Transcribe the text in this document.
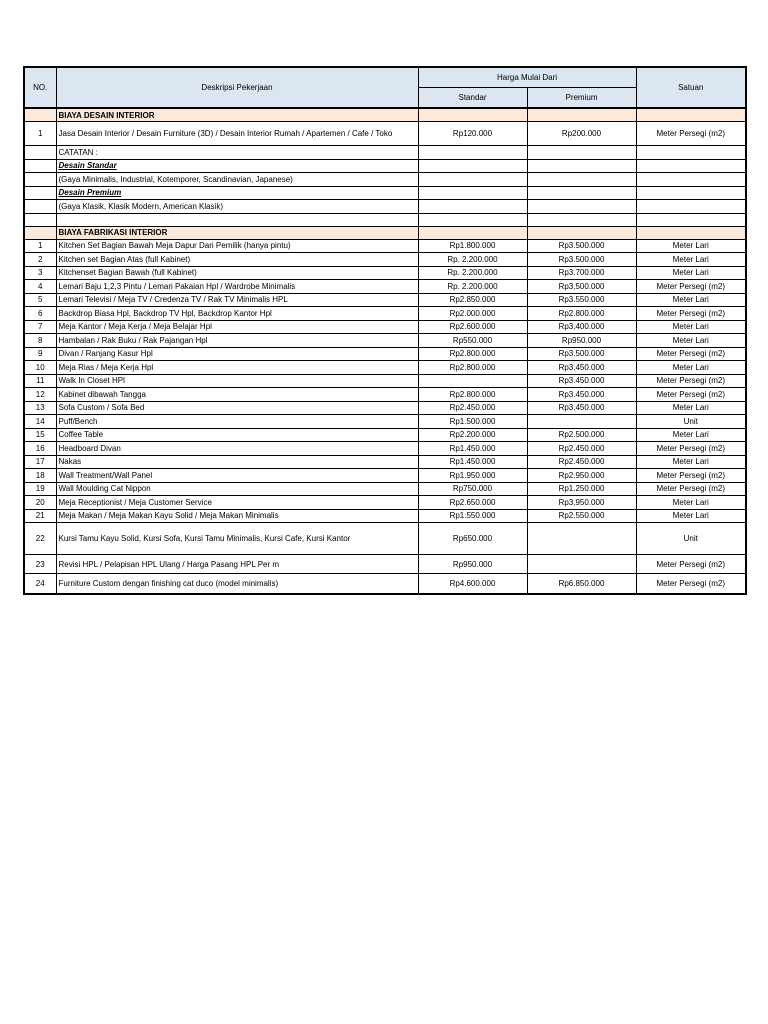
NO.	Deskripsi Pekerjaan	Harga Mulai Dari		Satuan
		Standar	Premium	
	BIAYA DESAIN INTERIOR			
1	Jasa Desain Interior / Desain Furniture (3D) / Desain Interior Rumah / Apartemen / Cafe / Toko	Rp120.000	Rp200.000	Meter Persegi (m2)
	CATATAN :			
	Desain Standar			
	(Gaya Minimalis, Industrial, Kotemporer, Scandinavian, Japanese)			
	Desain Premium			
	(Gaya Klasik, Klasik Modern, American Klasik)			

	BIAYA FABRIKASI INTERIOR			
1	Kitchen Set Bagian Bawah Meja Dapur Dari Pemilik (hanya pintu)	Rp1.800.000	Rp3.500.000	Meter Lari
2	Kitchen set Bagian Atas (full Kabinet)	Rp. 2.200.000	Rp3.500.000	Meter Lari
3	Kitchenset Bagian Bawah (full Kabinet)	Rp. 2.200.000	Rp3.700.000	Meter Lari
4	Lemari Baju 1,2,3 Pintu / Lemari Pakaian Hpl / Wardrobe Minimalis	Rp. 2.200.000	Rp3.500.000	Meter Persegi (m2)
5	Lemari Televisi / Meja TV / Credenza TV / Rak TV Minimalis HPL	Rp2.850.000	Rp3.550.000	Meter Lari
6	Backdrop Biasa Hpl, Backdrop TV Hpl, Backdrop Kantor Hpl	Rp2.000.000	Rp2.800.000	Meter Persegi (m2)
7	Meja Kantor / Meja Kerja / Meja Belajar Hpl	Rp2.600.000	Rp3.400.000	Meter Lari
8	Hambalan / Rak Buku / Rak Pajangan Hpl	Rp550.000	Rp950.000	Meter Lari
9	Divan / Ranjang Kasur Hpl	Rp2.800.000	Rp3.500.000	Meter Persegi (m2)
10	Meja Rias / Meja Kerja Hpl	Rp2.800.000	Rp3.450.000	Meter Lari
11	Walk In Closet HPl		Rp3.450.000	Meter Persegi (m2)
12	Kabinet dibawah Tangga	Rp2.800.000	Rp3.450.000	Meter Persegi (m2)
13	Sofa Custom / Sofa Bed	Rp2.450.000	Rp3.450.000	Meter Lari
14	Puff/Bench	Rp1.500.000		Unit
15	Coffee Table	Rp2.200.000	Rp2.500.000	Meter Lari
16	Headboard Divan	Rp1.450.000	Rp2.450.000	Meter Persegi (m2)
17	Nakas	Rp1.450.000	Rp2.450.000	Meter Lari
18	Wall Treatment/Wall Panel	Rp1.950.000	Rp2.950.000	Meter Persegi (m2)
19	Wall Moulding Cat Nippon	Rp750.000	Rp1.250.000	Meter Persegi (m2)
20	Meja Receptionist / Meja Customer Service	Rp2.650.000	Rp3.950.000	Meter Lari
21	Meja Makan / Meja Makan Kayu Solid / Meja Makan Minimalis	Rp1.550.000	Rp2.550.000	Meter Lari
22	Kursi Tamu Kayu Solid, Kursi Sofa, Kursi Tamu Minimalis, Kursi Cafe, Kursi Kantor	Rp650.000		Unit
23	Revisi HPL / Pelapisan HPL Ulang / Harga Pasang HPL Per m	Rp950.000		Meter Persegi (m2)
24	Furniture Custom dengan finishing cat duco (model minimalis)	Rp4.600.000	Rp6.850.000	Meter Persegi (m2)
